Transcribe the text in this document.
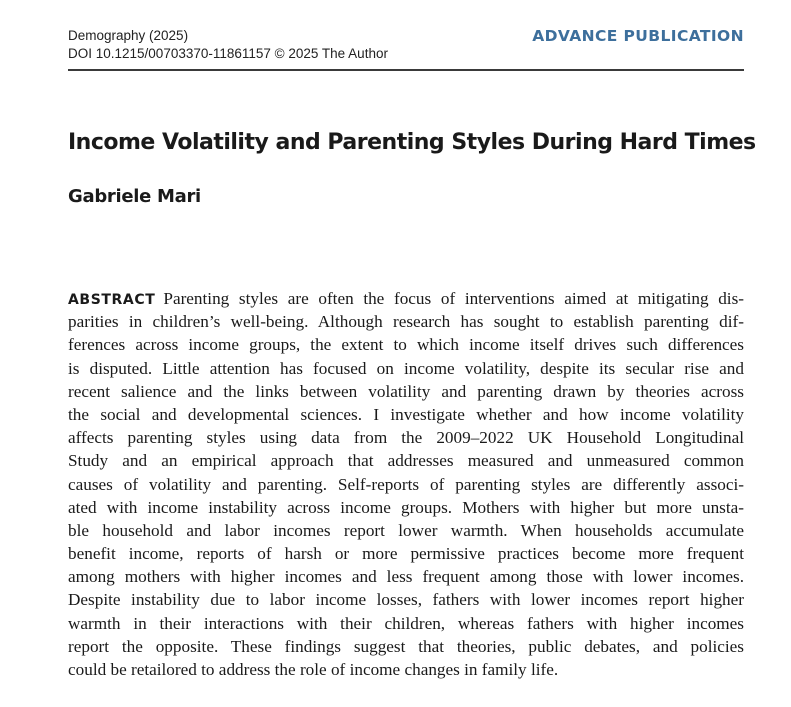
Demography (2025)
DOI 10.1215/00703370-11861157 © 2025 The Author
ADVANCE PUBLICATION
Income Volatility and Parenting Styles During Hard Times
Gabriele Mari
ABSTRACT Parenting styles are often the focus of interventions aimed at mitigating dis-
parities in children’s well-being. Although research has sought to establish parenting dif-
ferences across income groups, the extent to which income itself drives such differences
is disputed. Little attention has focused on income volatility, despite its secular rise and
recent salience and the links between volatility and parenting drawn by theories across
the social and developmental sciences. I investigate whether and how income volatility
affects parenting styles using data from the 2009–2022 UK Household Longitudinal
Study and an empirical approach that addresses measured and unmeasured common
causes of volatility and parenting. Self-reports of parenting styles are differently associ-
ated with income instability across income groups. Mothers with higher but more unsta-
ble household and labor incomes report lower warmth. When households accumulate
benefit income, reports of harsh or more permissive practices become more frequent
among mothers with higher incomes and less frequent among those with lower incomes.
Despite instability due to labor income losses, fathers with lower incomes report higher
warmth in their interactions with their children, whereas fathers with higher incomes
report the opposite. These findings suggest that theories, public debates, and policies
could be retailored to address the role of income changes in family life.
